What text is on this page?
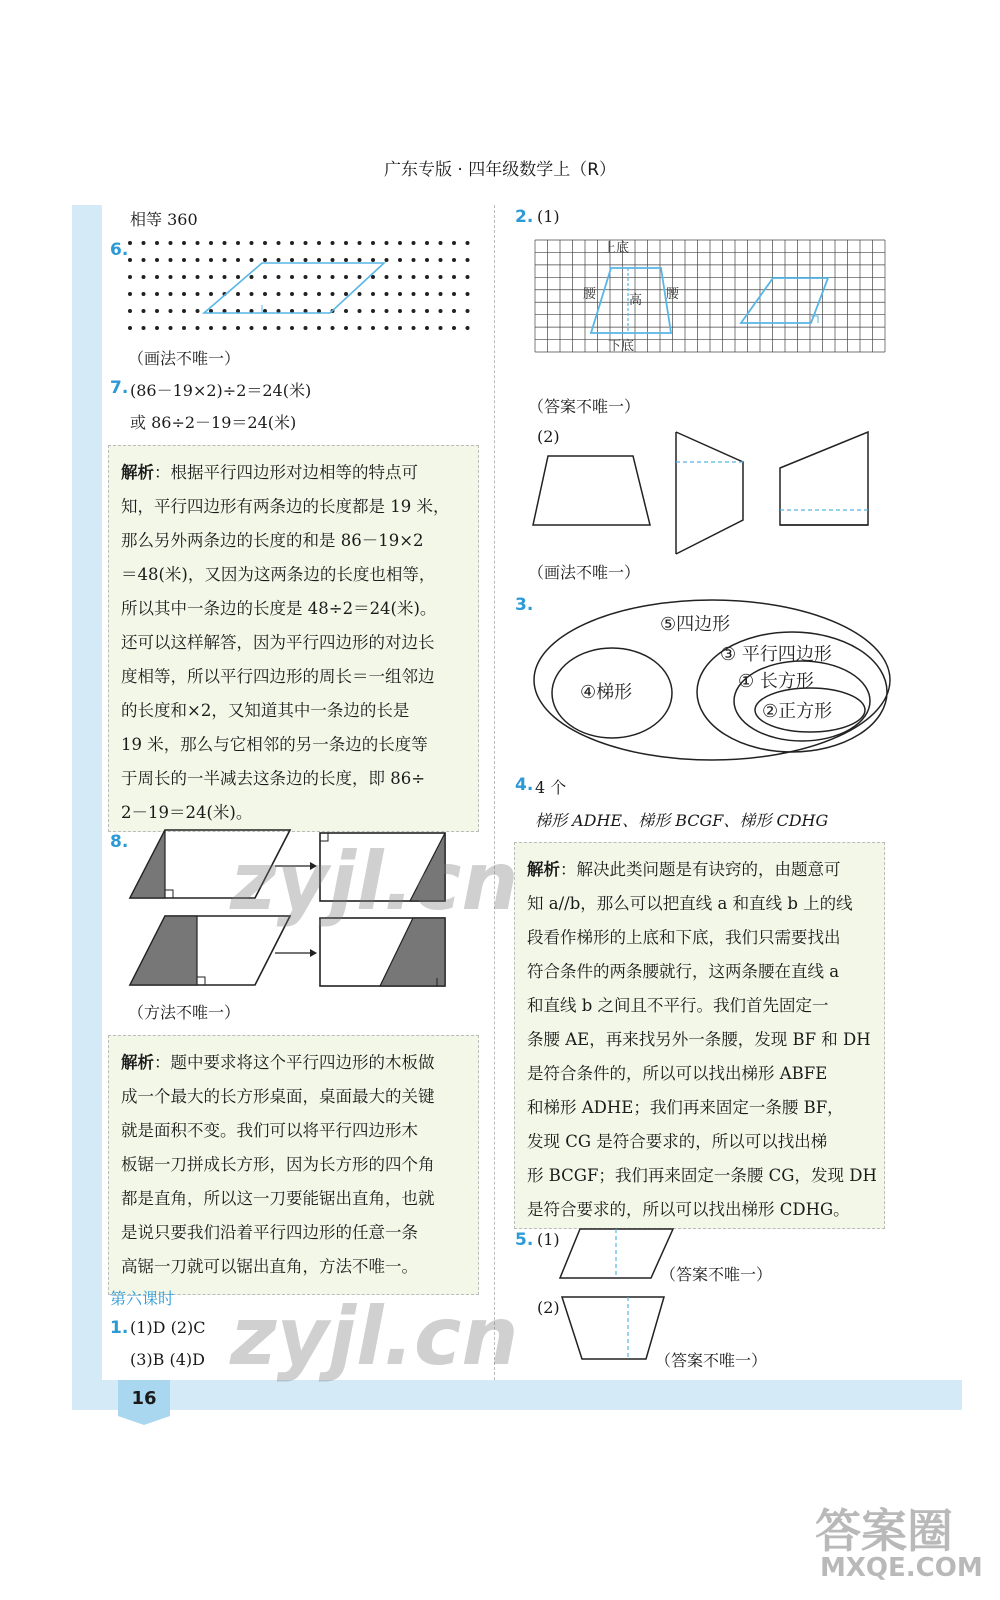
16
广东专版 · 四年级数学上（R）
相等 360
6.
（画法不唯一）
7. (86－19×2)÷2＝24(米)
或 86÷2－19＝24(米)

解析：根据平行四边形对边相等的特点可

知，平行四边形有两条边的长度都是 19 米，

那么另外两条边的长度的和是 86－19×2

＝48(米)，又因为这两条边的长度也相等，

所以其中一条边的长度是 48÷2＝24(米)。

还可以这样解答，因为平行四边形的对边长

度相等，所以平行四边形的周长＝一组邻边

的长度和×2，又知道其中一条边的长是

19 米，那么与它相邻的另一条边的长度等

于周长的一半减去这条边的长度，即 86÷

2－19＝24(米)。

8.
（方法不唯一）

解析：题中要求将这个平行四边形的木板做

成一个最大的长方形桌面，桌面最大的关键

就是面积不变。我们可以将平行四边形木

板锯一刀拼成长方形，因为长方形的四个角

都是直角，所以这一刀要能锯出直角，也就

是说只要我们沿着平行四边形的任意一条

高锯一刀就可以锯出直角，方法不唯一。

第六课时
1. (1)D (2)C
(3)B (4)D
2. (1)
上底
腰	高 腰
下底
（答案不唯一）
(2)
（画法不唯一）
3.
⑤四边形
④梯形
③ 平行四边形
① 长方形
②正方形
4. 4 个
梯形 ADHE、梯形 BCGF、梯形 CDHG

解析：解决此类问题是有诀窍的，由题意可

知 a//b，那么可以把直线 a 和直线 b 上的线

段看作梯形的上底和下底，我们只需要找出

符合条件的两条腰就行，这两条腰在直线 a

和直线 b 之间且不平行。我们首先固定一

条腰 AE，再来找另外一条腰，发现 BF 和 DH

是符合条件的，所以可以找出梯形 ABFE

和梯形 ADHE；我们再来固定一条腰 BF，

发现 CG 是符合要求的，所以可以找出梯

形 BCGF；我们再来固定一条腰 CG，发现 DH

是符合要求的，所以可以找出梯形 CDHG。

5. (1)
（答案不唯一）
(2)
（答案不唯一）
zyjl.cn
zyjl.cn
答案圈
MXQE.COM
